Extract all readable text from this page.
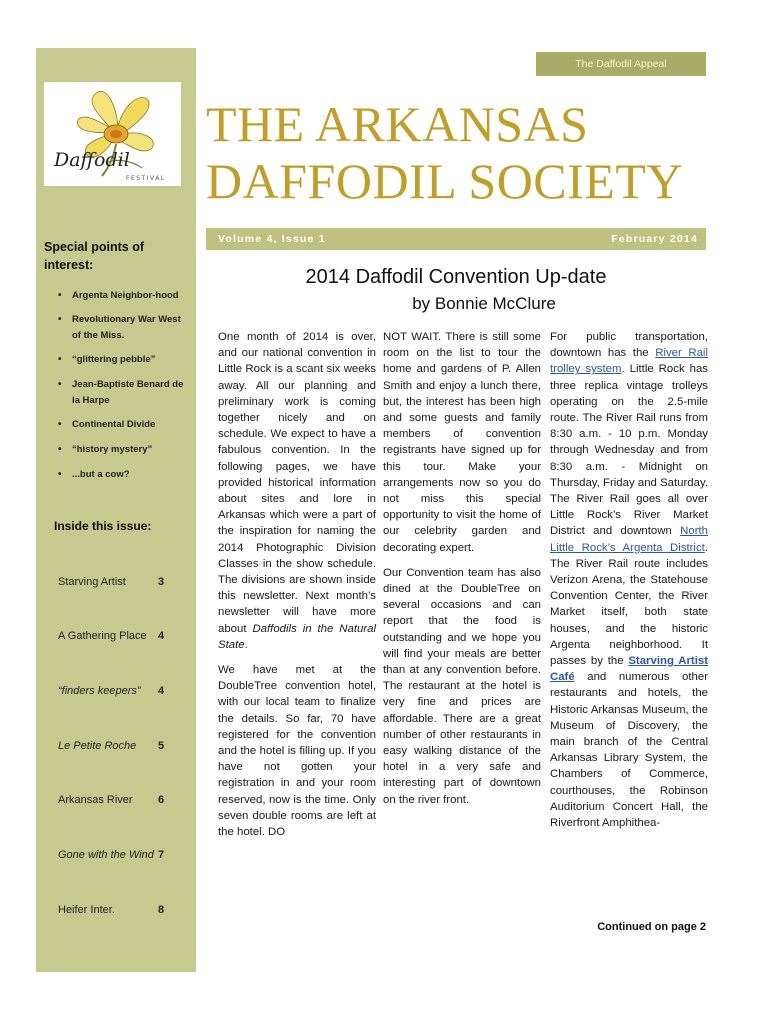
Daffodil
FESTIVAL
Special points of interest:
• Argenta Neighbor-hood
• Revolutionary War West of the Miss.
• “glittering pebble”
• Jean-Baptiste Benard de la Harpe
• Continental Divide
• “history mystery”
• ...but a cow?
Inside this issue:
Starving Artist	3
A Gathering Place 4
“finders keepers” 4
Le Petite Roche 5
Arkansas River 6
Gone with the Wind 7
Heifer Inter.	8
The Daffodil Appeal
THE ARKANSAS
DAFFODIL SOCIETY
Volume 4, Issue 1	February 2014
2014 Daffodil Convention Up-date
by Bonnie McClure

One month of 2014 is over, and our national convention in Little Rock is a scant six weeks away. All our planning and preliminary work is coming together nicely and on schedule. We expect to have a fabulous convention. In the following pages, we have provided historical information about sites and lore in Arkansas which were a part of the inspiration for naming the 2014 Photographic Division Classes in the show schedule. The divisions are shown inside this newsletter. Next month’s newsletter will have more about Daffodils in the Natural State.

We have met at the DoubleTree convention hotel, with our local team to finalize the details. So far, 70 have registered for the convention and the hotel is filling up. If you have not gotten your registration in and your room reserved, now is the time. Only seven double rooms are left at the hotel. DO

NOT WAIT. There is still some room on the list to tour the home and gardens of P. Allen Smith and enjoy a lunch there, but, the interest has been high and some guests and family members of convention registrants have signed up for this tour. Make your arrangements now so you do not miss this special opportunity to visit the home of our celebrity garden and decorating expert.

Our Convention team has also dined at the DoubleTree on several occasions and can report that the food is outstanding and we hope you will find your meals are better than at any convention before. The restaurant at the hotel is very fine and prices are affordable. There are a great number of other restaurants in easy walking distance of the hotel in a very safe and interesting part of downtown on the river front.

For public transportation, downtown has the River Rail trolley system. Little Rock has three replica vintage trolleys operating on the 2.5-mile route. The River Rail runs from 8:30 a.m. - 10 p.m. Monday through Wednesday and from 8:30 a.m. - Midnight on Thursday, Friday and Saturday. The River Rail goes all over Little Rock’s River Market District and downtown North Little Rock’s Argenta District. The River Rail route includes Verizon Arena, the Statehouse Convention Center, the River Market itself, both state houses, and the historic Argenta neighborhood. It passes by the Starving Artist Café and numerous other restaurants and hotels, the Historic Arkansas Museum, the Museum of Discovery, the main branch of the Central Arkansas Library System, the Chambers of Commerce, courthouses, the Robinson Auditorium Concert Hall, the Riverfront Amphithea-

Continued on page 2
